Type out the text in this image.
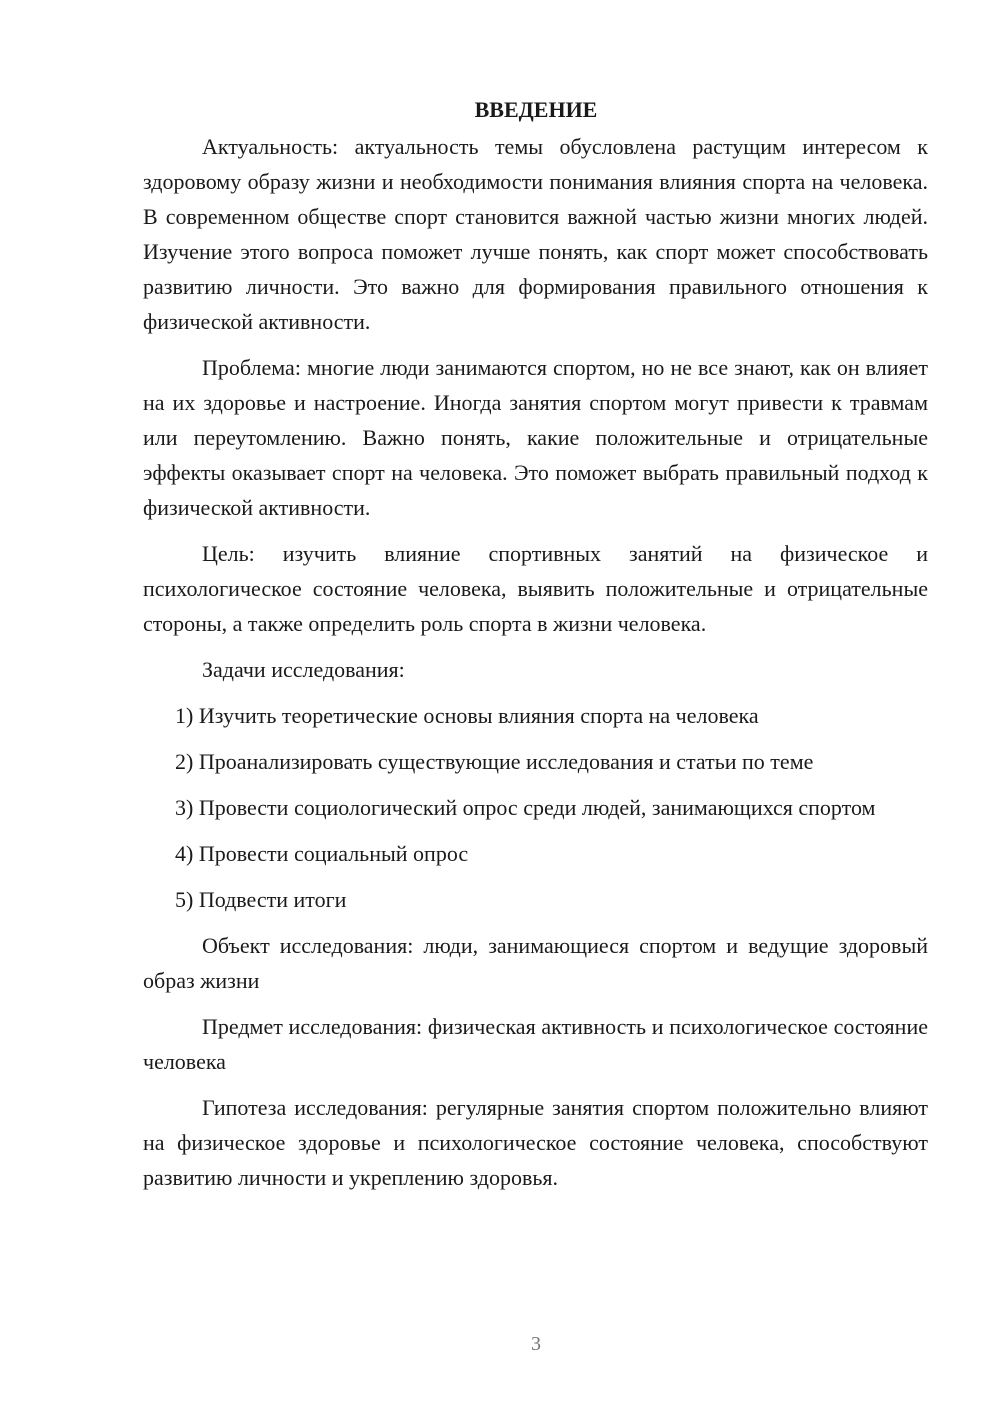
ВВЕДЕНИЕ

Актуальность: актуальность темы обусловлена растущим интересом к здоровому образу жизни и необходимости понимания влияния спорта на человека. В современном обществе спорт становится важной частью жизни многих людей. Изучение этого вопроса поможет лучше понять, как спорт может способствовать развитию личности. Это важно для формирования правильного отношения к физической активности.

Проблема: многие люди занимаются спортом, но не все знают, как он влияет на их здоровье и настроение. Иногда занятия спортом могут привести к травмам или переутомлению. Важно понять, какие положительные и отрицательные эффекты оказывает спорт на человека. Это поможет выбрать правильный подход к физической активности.

Цель: изучить влияние спортивных занятий на физическое и психологическое состояние человека, выявить положительные и отрицательные стороны, а также определить роль спорта в жизни человека.

Задачи исследования:

1) Изучить теоретические основы влияния спорта на человека

2) Проанализировать существующие исследования и статьи по теме

3) Провести социологический опрос среди людей, занимающихся спортом

4) Провести социальный опрос

5) Подвести итоги

Объект исследования: люди, занимающиеся спортом и ведущие здоровый образ жизни

Предмет исследования: физическая активность и психологическое состояние человека

Гипотеза исследования: регулярные занятия спортом положительно влияют на физическое здоровье и психологическое состояние человека, способствуют развитию личности и укреплению здоровья.

3
